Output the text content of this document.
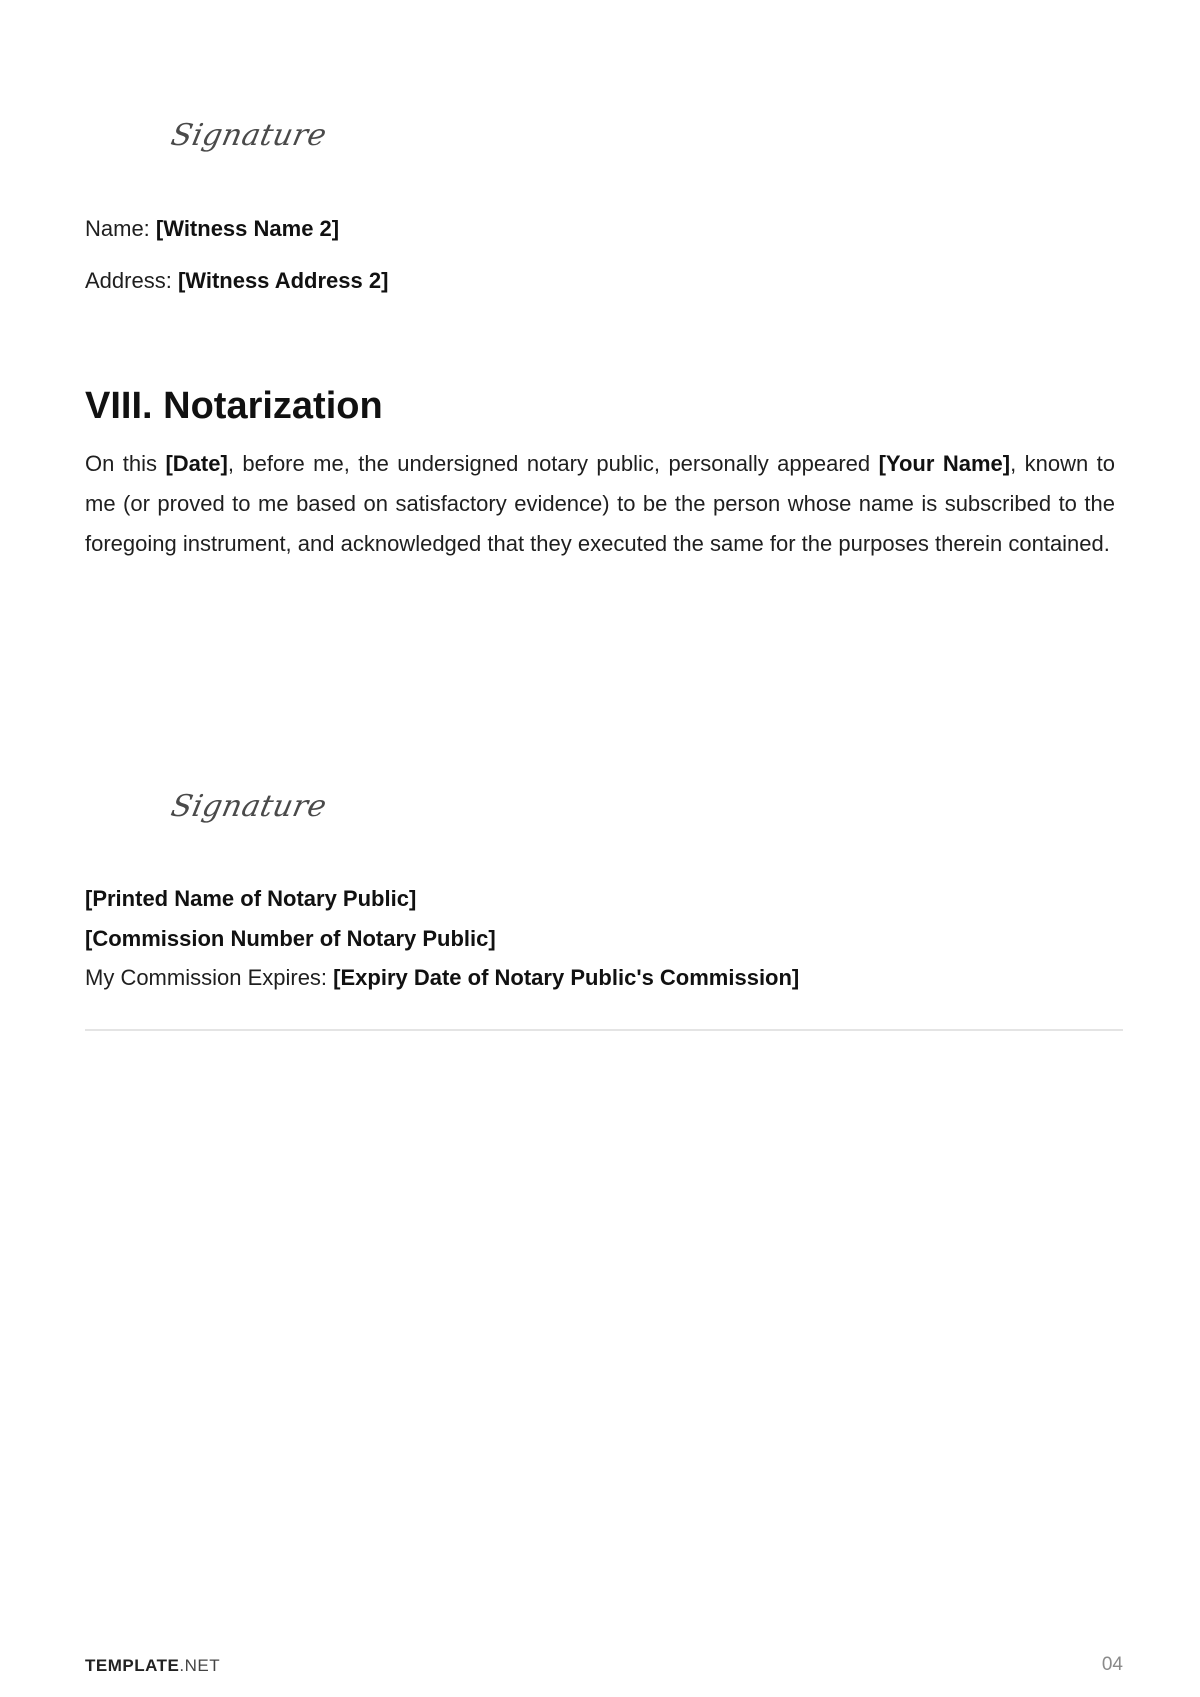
Signature
Name: [Witness Name 2]
Address: [Witness Address 2]
VIII. Notarization
On this [Date], before me, the undersigned notary public, personally appeared [Your Name], known to me (or proved to me based on satisfactory evidence) to be the person whose name is subscribed to the foregoing instrument, and acknowledged that they executed the same for the purposes therein contained.
Signature
[Printed Name of Notary Public]
[Commission Number of Notary Public]
My Commission Expires: [Expiry Date of Notary Public's Commission]
TEMPLATE.NET	04
